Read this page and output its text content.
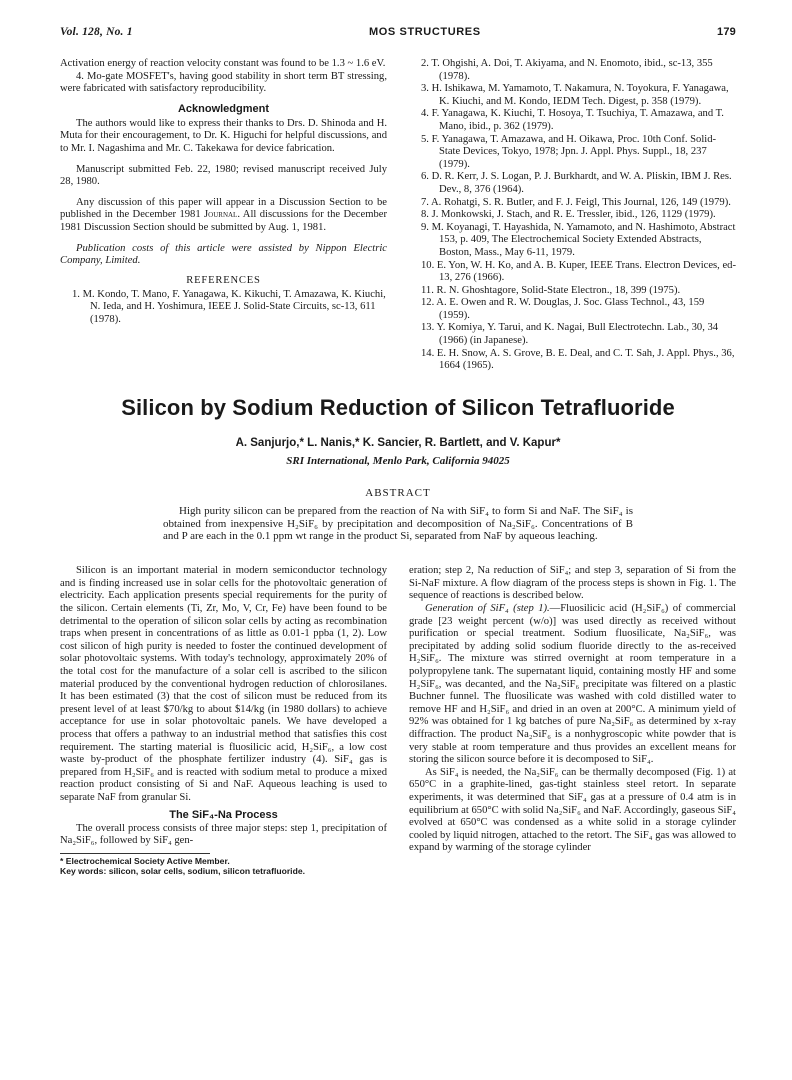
Vol. 128, No. 1	MOS STRUCTURES	179

Activation energy of reaction velocity constant was found to be 1.3 ~ 1.6 eV.

4. Mo-gate MOSFET's, having good stability in short term BT stressing, were fabricated with satisfactory reproducibility.

Acknowledgment

The authors would like to express their thanks to Drs. D. Shinoda and H. Muta for their encouragement, to Dr. K. Higuchi for helpful discussions, and to Mr. I. Nagashima and Mr. C. Takekawa for device fabrication.

Manuscript submitted Feb. 22, 1980; revised manuscript received July 28, 1980.

Any discussion of this paper will appear in a Discussion Section to be published in the December 1981 Journal. All discussions for the December 1981 Discussion Section should be submitted by Aug. 1, 1981.

Publication costs of this article were assisted by Nippon Electric Company, Limited.

REFERENCES

1. M. Kondo, T. Mano, F. Yanagawa, K. Kikuchi, T. Amazawa, K. Kiuchi, N. Ieda, and H. Yoshimura, IEEE J. Solid-State Circuits, sc-13, 611 (1978).

2. T. Ohgishi, A. Doi, T. Akiyama, and N. Enomoto, ibid., sc-13, 355 (1978).

3. H. Ishikawa, M. Yamamoto, T. Nakamura, N. Toyokura, F. Yanagawa, K. Kiuchi, and M. Kondo, IEDM Tech. Digest, p. 358 (1979).

4. F. Yanagawa, K. Kiuchi, T. Hosoya, T. Tsuchiya, T. Amazawa, and T. Mano, ibid., p. 362 (1979).

5. F. Yanagawa, T. Amazawa, and H. Oikawa, Proc. 10th Conf. Solid-State Devices, Tokyo, 1978; Jpn. J. Appl. Phys. Suppl., 18, 237 (1979).

6. D. R. Kerr, J. S. Logan, P. J. Burkhardt, and W. A. Pliskin, IBM J. Res. Dev., 8, 376 (1964).

7. A. Rohatgi, S. R. Butler, and F. J. Feigl, This Journal, 126, 149 (1979).

8. J. Monkowski, J. Stach, and R. E. Tressler, ibid., 126, 1129 (1979).

9. M. Koyanagi, T. Hayashida, N. Yamamoto, and N. Hashimoto, Abstract 153, p. 409, The Electrochemical Society Extended Abstracts, Boston, Mass., May 6-11, 1979.

10. E. Yon, W. H. Ko, and A. B. Kuper, IEEE Trans. Electron Devices, ed-13, 276 (1966).

11. R. N. Ghoshtagore, Solid-State Electron., 18, 399 (1975).

12. A. E. Owen and R. W. Douglas, J. Soc. Glass Technol., 43, 159 (1959).

13. Y. Komiya, Y. Tarui, and K. Nagai, Bull Electrotechn. Lab., 30, 34 (1966) (in Japanese).

14. E. H. Snow, A. S. Grove, B. E. Deal, and C. T. Sah, J. Appl. Phys., 36, 1664 (1965).

Silicon by Sodium Reduction of Silicon Tetrafluoride
A. Sanjurjo,* L. Nanis,* K. Sancier, R. Bartlett, and V. Kapur*
SRI International, Menlo Park, California 94025
ABSTRACT

High purity silicon can be prepared from the reaction of Na with SiF₄ to form Si and NaF. The SiF₄ is obtained from inexpensive H₂SiF₆ by precipitation and decomposition of Na₂SiF₆. Concentrations of B and P are each in the 0.1 ppm wt range in the product Si, separated from NaF by aqueous leaching.

Silicon is an important material in modern semiconductor technology and is finding increased use in solar cells for the photovoltaic generation of electricity. Each application presents special requirements for the purity of the silicon. Certain elements (Ti, Zr, Mo, V, Cr, Fe) have been found to be detrimental to the operation of silicon solar cells by acting as recombination traps when present in concentrations of as little as 0.01-1 ppba (1, 2). Low cost silicon of high purity is needed to foster the continued development of solar photovoltaic systems. With today's technology, approximately 20% of the total cost for the manufacture of a solar cell is ascribed to the silicon material produced by the conventional hydrogen reduction of chlorosilanes. It has been estimated (3) that the cost of silicon must be reduced from its present level of at least $70/kg to about $14/kg (in 1980 dollars) to achieve acceptance for use in solar photovoltaic panels. We have developed a process that offers a pathway to an industrial method that satisfies this cost requirement. The starting material is fluosilicic acid, H₂SiF₆, a low cost waste by-product of the phosphate fertilizer industry (4). SiF₄ gas is prepared from H₂SiF₆ and is reacted with sodium metal to produce a mixed reaction product consisting of Si and NaF. Aqueous leaching is used to separate NaF from granular Si.

The SiF₄-Na Process

The overall process consists of three major steps: step 1, precipitation of Na₂SiF₆, followed by SiF₄ gen-

* Electrochemical Society Active Member.

Key words: silicon, solar cells, sodium, silicon tetrafluoride.

eration; step 2, Na reduction of SiF₄; and step 3, separation of Si from the Si-NaF mixture. A flow diagram of the process steps is shown in Fig. 1. The sequence of reactions is described below.

Generation of SiF₄ (step 1).—Fluosilicic acid (H₂SiF₆) of commercial grade [23 weight percent (w/o)] was used directly as received without purification or special treatment. Sodium fluosilicate, Na₂SiF₆, was precipitated by adding solid sodium fluoride directly to the as-received H₂SiF₆. The mixture was stirred overnight at room temperature in a polypropylene tank. The supernatant liquid, containing mostly HF and some H₂SiF₆, was decanted, and the Na₂SiF₆ precipitate was filtered on a plastic Buchner funnel. The fluosilicate was washed with cold distilled water to remove HF and H₂SiF₆ and dried in an oven at 200°C. A minimum yield of 92% was obtained for 1 kg batches of pure Na₂SiF₆ as determined by x-ray diffraction. The product Na₂SiF₆ is a nonhygroscopic white powder that is very stable at room temperature and thus provides an excellent means for storing the silicon source before it is decomposed to SiF₄.

As SiF₄ is needed, the Na₂SiF₆ can be thermally decomposed (Fig. 1) at 650°C in a graphite-lined, gas-tight stainless steel retort. In separate experiments, it was determined that SiF₄ gas at a pressure of 0.4 atm is in equilibrium at 650°C with solid Na₂SiF₆ and NaF. Accordingly, gaseous SiF₄ evolved at 650°C was condensed as a white solid in a storage cylinder cooled by liquid nitrogen, attached to the retort. The SiF₄ gas was allowed to expand by warming of the storage cylinder
